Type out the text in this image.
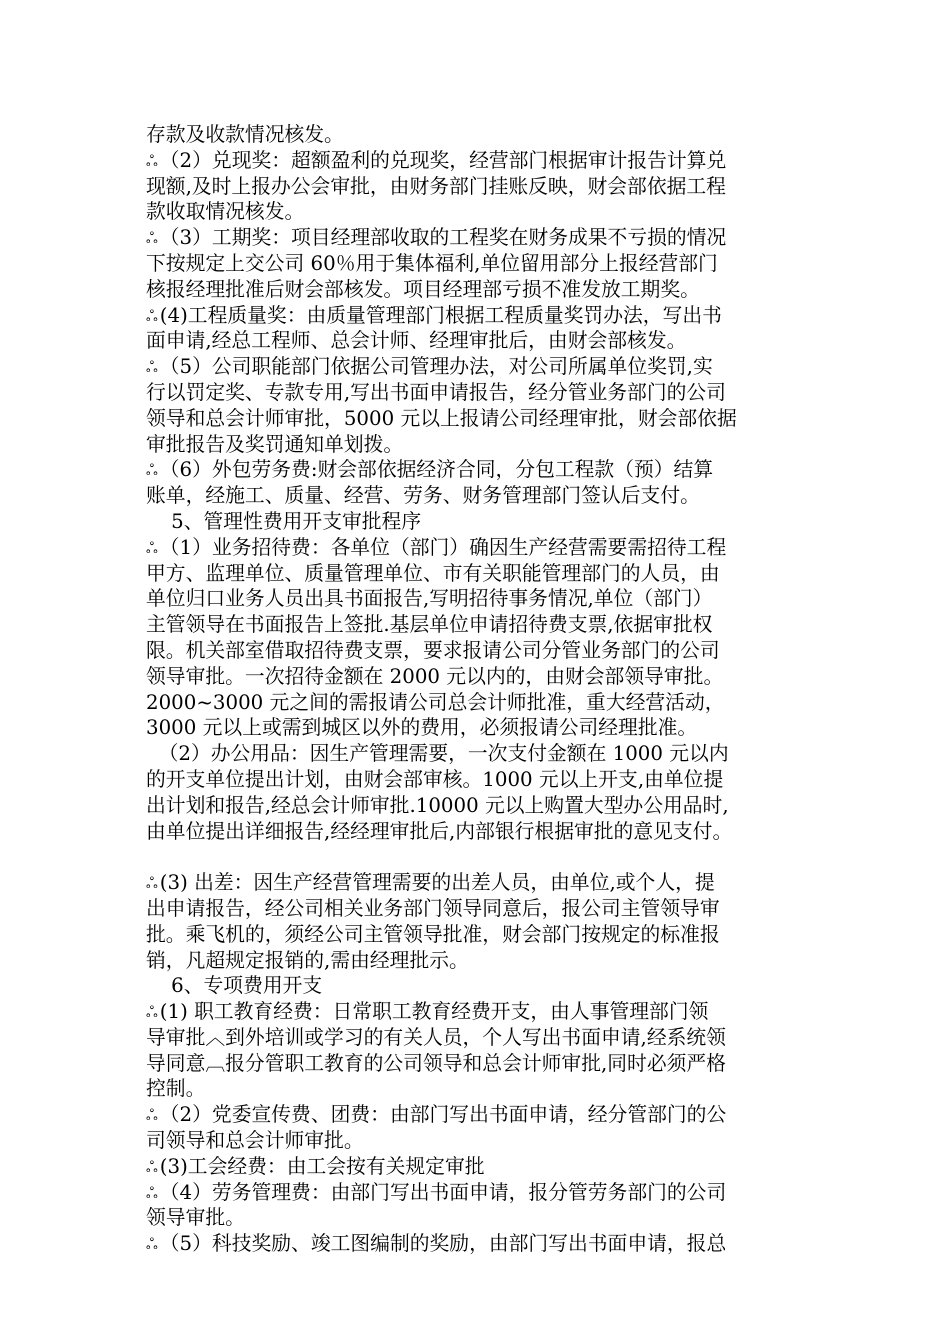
存款及收款情况核发。
ஃ （2）兑现奖：超额盈利的兑现奖，经营部门根据审计报告计算兑
现额,及时上报办公会审批，由财务部门挂账反映，财会部依据工程
款收取情况核发。
ஃ （3）工期奖：项目经理部收取的工程奖在财务成果不亏损的情况
下按规定上交公司 60％用于集体福利,单位留用部分上报经营部门
核报经理批准后财会部核发。项目经理部亏损不准发放工期奖。
ஃ (4)工程质量奖：由质量管理部门根据工程质量奖罚办法，写出书
面申请,经总工程师、总会计师、经理审批后，由财会部核发。
ஃ （5）公司职能部门依据公司管理办法，对公司所属单位奖罚,实
行以罚定奖、专款专用,写出书面申请报告，经分管业务部门的公司
领导和总会计师审批，5000 元以上报请公司经理审批，财会部依据
审批报告及奖罚通知单划拨。
ஃ （6）外包劳务费:财会部依据经济合同，分包工程款（预）结算
账单，经施工、质量、经营、劳务、财务管理部门签认后支付。
5、管理性费用开支审批程序
ஃ （1）业务招待费：各单位（部门）确因生产经营需要需招待工程
甲方、监理单位、质量管理单位、市有关职能管理部门的人员，由
单位归口业务人员出具书面报告,写明招待事务情况,单位（部门）
主管领导在书面报告上签批.基层单位申请招待费支票,依据审批权
限。机关部室借取招待费支票，要求报请公司分管业务部门的公司
领导审批。一次招待金额在 2000 元以内的，由财会部领导审批。
2000~3000 元之间的需报请公司总会计师批准，重大经营活动，
3000 元以上或需到城区以外的费用，必须报请公司经理批准。
（2）办公用品：因生产管理需要，一次支付金额在 1000 元以内
的开支单位提出计划，由财会部审核。1000 元以上开支,由单位提
出计划和报告,经总会计师审批.10000 元以上购置大型办公用品时,
由单位提出详细报告,经经理审批后,内部银行根据审批的意见支付。
ஃ (3) 出差：因生产经营管理需要的出差人员，由单位,或个人，提
出申请报告，经公司相关业务部门领导同意后，报公司主管领导审
批。乘飞机的，须经公司主管领导批准，财会部门按规定的标准报
销，凡超规定报销的,需由经理批示。
6、专项费用开支
ஃ (1) 职工教育经费：日常职工教育经费开支，由人事管理部门领
导审批︿到外培训或学习的有关人员，个人写出书面申请,经系统领
导同意︹报分管职工教育的公司领导和总会计师审批,同时必须严格
控制。
ஃ （2）党委宣传费、团费：由部门写出书面申请，经分管部门的公
司领导和总会计师审批。
ஃ (3)工会经费：由工会按有关规定审批
ஃ （4）劳务管理费：由部门写出书面申请，报分管劳务部门的公司
领导审批。
ஃ （5）科技奖励、竣工图编制的奖励，由部门写出书面申请，报总
